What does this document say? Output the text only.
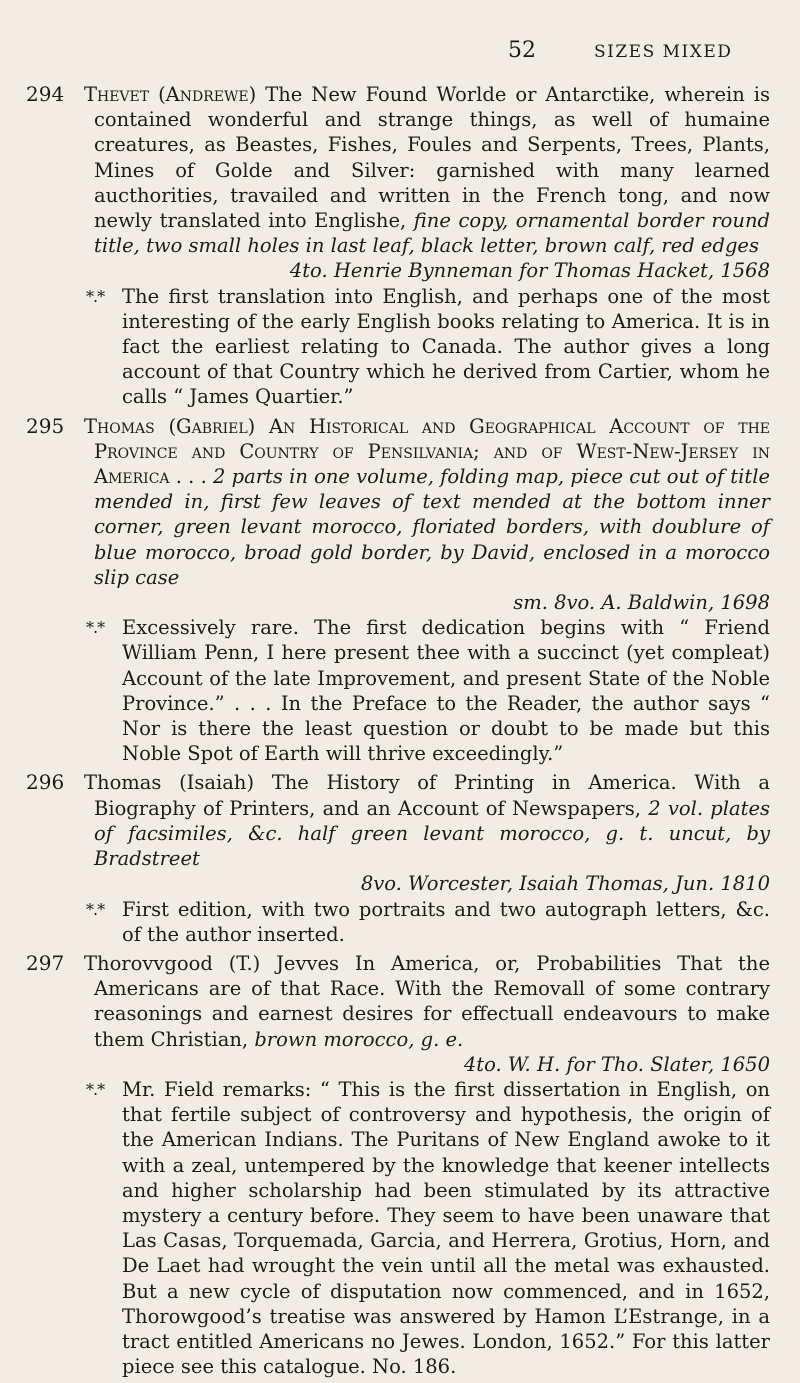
52	SIZES MIXED
294 Thevet (Andrewe) The New Found Worlde or Antarctike, wherein is contained wonderful and strange things, as well of humaine creatures, as Beastes, Fishes, Foules and Serpents, Trees, Plants, Mines of Golde and Silver: garnished with many learned aucthorities, travailed and written in the French tong, and now newly translated into Englishe, fine copy, ornamental border round title, two small holes in last leaf, black letter, brown calf, red edges

4to. Henrie Bynneman for Thomas Hacket, 1568
*.* The first translation into English, and perhaps one of the most interesting of the early English books relating to America. It is in fact the earliest relating to Canada. The author gives a long account of that Country which he derived from Cartier, whom he calls “ James Quartier.”
295 Thomas (Gabriel) An Historical and Geographical Account of the Province and Country of Pensilvania; and of West-New-Jersey in America . . . 2 parts in one volume, folding map, piece cut out of title mended in, first few leaves of text mended at the bottom inner corner, green levant morocco, floriated borders, with doublure of blue morocco, broad gold border, by David, enclosed in a morocco slip case

sm. 8vo. A. Baldwin, 1698
*.* Excessively rare. The first dedication begins with “ Friend William Penn, I here present thee with a succinct (yet compleat) Account of the late Improvement, and present State of the Noble Province.” . . . In the Preface to the Reader, the author says “ Nor is there the least question or doubt to be made but this Noble Spot of Earth will thrive exceedingly.”
296 Thomas (Isaiah) The History of Printing in America. With a Biography of Printers, and an Account of Newspapers, 2 vol. plates of facsimiles, &c. half green levant morocco, g. t. uncut, by Bradstreet

8vo. Worcester, Isaiah Thomas, Jun. 1810
*.* First edition, with two portraits and two autograph letters, &c. of the author inserted.
297 Thorovvgood (T.) Jevves In America, or, Probabilities That the Americans are of that Race. With the Removall of some contrary reasonings and earnest desires for effectuall endeavours to make them Christian, brown morocco, g. e.

4to. W. H. for Tho. Slater, 1650
*.* Mr. Field remarks: “ This is the first dissertation in English, on that fertile subject of controversy and hypothesis, the origin of the American Indians. The Puritans of New England awoke to it with a zeal, untempered by the knowledge that keener intellects and higher scholarship had been stimulated by its attractive mystery a century before. They seem to have been unaware that Las Casas, Torquemada, Garcia, and Herrera, Grotius, Horn, and De Laet had wrought the vein until all the metal was exhausted. But a new cycle of disputation now commenced, and in 1652, Thorowgood’s treatise was answered by Hamon L’Estrange, in a tract entitled Americans no Jewes. London, 1652.” For this latter piece see this catalogue. No. 186.
